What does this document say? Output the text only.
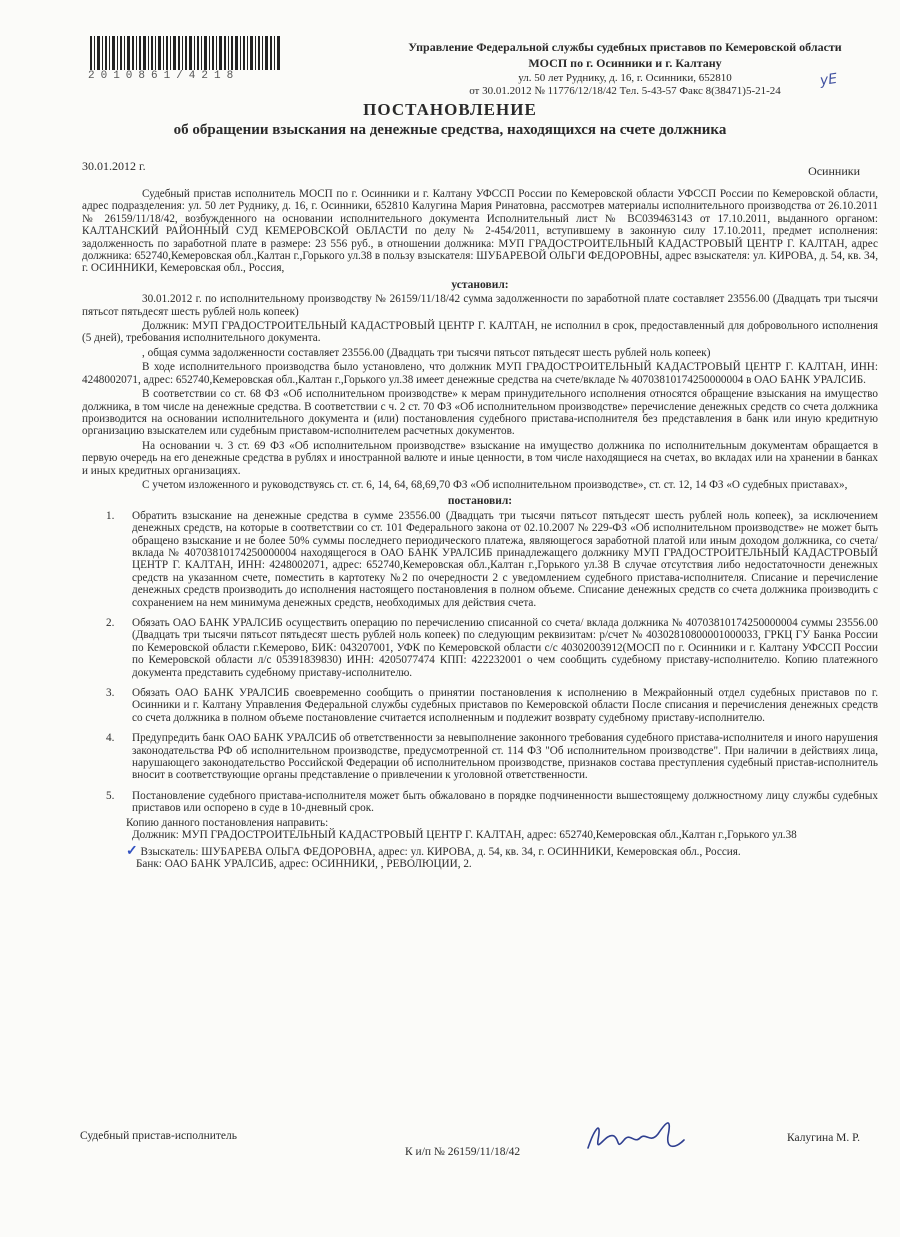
2010861/4218
Управление Федеральной службы судебных приставов по Кемеровской области
МОСП по г. Осинники и г. Калтану
ул. 50 лет Руднику, д. 16, г. Осинники, 652810
от 30.01.2012 № 11776/12/18/42 Тел. 5-43-57 Факс 8(38471)5-21-24
уЕ
ПОСТАНОВЛЕНИЕ
об обращении взыскания на денежные средства, находящихся на счете должника
30.01.2012 г.	Осинники

Судебный пристав исполнитель МОСП по г. Осинники и г. Калтану УФССП России по Кемеровской области УФССП России по Кемеровской области, адрес подразделения: ул. 50 лет Руднику, д. 16, г. Осинники, 652810 Калугина Мария Ринатовна, рассмотрев материалы исполнительного производства от 26.10.2011 № 26159/11/18/42, возбужденного на основании исполнительного документа Исполнительный лист № ВС039463143 от 17.10.2011, выданного органом: КАЛТАНСКИЙ РАЙОННЫЙ СУД КЕМЕРОВСКОЙ ОБЛАСТИ по делу № 2-454/2011, вступившему в законную силу 17.10.2011, предмет исполнения: задолженность по заработной плате в размере: 23 556 руб., в отношении должника: МУП ГРАДОСТРОИТЕЛЬНЫЙ КАДАСТРОВЫЙ ЦЕНТР Г. КАЛТАН, адрес должника: 652740,Кемеровская обл.,Калтан г.,Горького ул.38 в пользу взыскателя: ШУБАРЕВОЙ ОЛЬГИ ФЕДОРОВНЫ, адрес взыскателя: ул. КИРОВА, д. 54, кв. 34, г. ОСИННИКИ, Кемеровская обл., Россия,

установил:

30.01.2012 г. по исполнительному производству № 26159/11/18/42 сумма задолженности по заработной плате составляет 23556.00 (Двадцать три тысячи пятьсот пятьдесят шесть рублей ноль копеек)

Должник: МУП ГРАДОСТРОИТЕЛЬНЫЙ КАДАСТРОВЫЙ ЦЕНТР Г. КАЛТАН, не исполнил в срок, предоставленный для добровольного исполнения (5 дней), требования исполнительного документа.

, общая сумма задолженности составляет 23556.00 (Двадцать три тысячи пятьсот пятьдесят шесть рублей ноль копеек)

В ходе исполнительного производства было установлено, что должник МУП ГРАДОСТРОИТЕЛЬНЫЙ КАДАСТРОВЫЙ ЦЕНТР Г. КАЛТАН, ИНН: 4248002071, адрес: 652740,Кемеровская обл.,Калтан г.,Горького ул.38 имеет денежные средства на счете/вкладе № 40703810174250000004 в ОАО БАНК УРАЛСИБ.

В соответствии со ст. 68 ФЗ «Об исполнительном производстве» к мерам принудительного исполнения относятся обращение взыскания на имущество должника, в том числе на денежные средства. В соответствии с ч. 2 ст. 70 ФЗ «Об исполнительном производстве» перечисление денежных средств со счета должника производится на основании исполнительного документа и (или) постановления судебного пристава-исполнителя без представления в банк или иную кредитную организацию взыскателем или судебным приставом-исполнителем расчетных документов.

На основании ч. 3 ст. 69 ФЗ «Об исполнительном производстве» взыскание на имущество должника по исполнительным документам обращается в первую очередь на его денежные средства в рублях и иностранной валюте и иные ценности, в том числе находящиеся на счетах, во вкладах или на хранении в банках и иных кредитных организациях.

С учетом изложенного и руководствуясь ст. ст. 6, 14, 64, 68,69,70 ФЗ «Об исполнительном производстве», ст. ст. 12, 14 ФЗ «О судебных приставах»,

постановил:
1. Обратить взыскание на денежные средства в сумме 23556.00 (Двадцать три тысячи пятьсот пятьдесят шесть рублей ноль копеек), за исключением денежных средств, на которые в соответствии со ст. 101 Федерального закона от 02.10.2007 № 229-ФЗ «Об исполнительном производстве» не может быть обращено взыскание и не более 50% суммы последнего периодического платежа, являющегося заработной платой или иным доходом должника, со счета/вклада № 40703810174250000004 находящегося в ОАО БАНК УРАЛСИБ принадлежащего должнику МУП ГРАДОСТРОИТЕЛЬНЫЙ КАДАСТРОВЫЙ ЦЕНТР Г. КАЛТАН, ИНН: 4248002071, адрес: 652740,Кемеровская обл.,Калтан г.,Горького ул.38 В случае отсутствия либо недостаточности денежных средств на указанном счете, поместить в картотеку №2 по очередности 2 с уведомлением судебного пристава-исполнителя. Списание и перечисление денежных средств производить до исполнения настоящего постановления в полном объеме. Списание денежных средств со счета должника производить с сохранением на нем минимума денежных средств, необходимых для действия счета.
2. Обязать ОАО БАНК УРАЛСИБ осуществить операцию по перечислению списанной со счета/ вклада должника № 40703810174250000004 суммы 23556.00 (Двадцать три тысячи пятьсот пятьдесят шесть рублей ноль копеек) по следующим реквизитам: р/счет № 40302810800001000033, ГРКЦ ГУ Банка России по Кемеровской области г.Кемерово, БИК: 043207001, УФК по Кемеровской области с/с 40302003912(МОСП по г. Осинники и г. Калтану УФССП России по Кемеровской области л/с 05391839830) ИНН: 4205077474 КПП: 422232001 о чем сообщить судебному приставу-исполнителю. Копию платежного документа представить судебному приставу-исполнителю.
3. Обязать ОАО БАНК УРАЛСИБ своевременно сообщить о принятии постановления к исполнению в Межрайонный отдел судебных приставов по г. Осинники и г. Калтану Управления Федеральной службы судебных приставов по Кемеровской области После списания и перечисления денежных средств со счета должника в полном объеме постановление считается исполненным и подлежит возврату судебному приставу-исполнителю.
4. Предупредить банк ОАО БАНК УРАЛСИБ об ответственности за невыполнение законного требования судебного пристава-исполнителя и иного нарушения законодательства РФ об исполнительном производстве, предусмотренной ст. 114 ФЗ "Об исполнительном производстве". При наличии в действиях лица, нарушающего законодательство Российской Федерации об исполнительном производстве, признаков состава преступления судебный пристав-исполнитель вносит в соответствующие органы представление о привлечении к уголовной ответственности.
5. Постановление судебного пристава-исполнителя может быть обжаловано в порядке подчиненности вышестоящему должностному лицу службы судебных приставов или оспорено в суде в 10-дневный срок.
Копию данного постановления направить:
Должник: МУП ГРАДОСТРОИТЕЛЬНЫЙ КАДАСТРОВЫЙ ЦЕНТР Г. КАЛТАН, адрес: 652740,Кемеровская обл.,Калтан г.,Горького ул.38
✓ Взыскатель: ШУБАРЕВА ОЛЬГА ФЕДОРОВНА, адрес: ул. КИРОВА, д. 54, кв. 34, г. ОСИННИКИ, Кемеровская обл., Россия.
Банк: ОАО БАНК УРАЛСИБ, адрес: ОСИННИКИ, , РЕВОЛЮЦИИ, 2.
Судебный пристав-исполнитель	Калугина М. Р.
К и/п № 26159/11/18/42
